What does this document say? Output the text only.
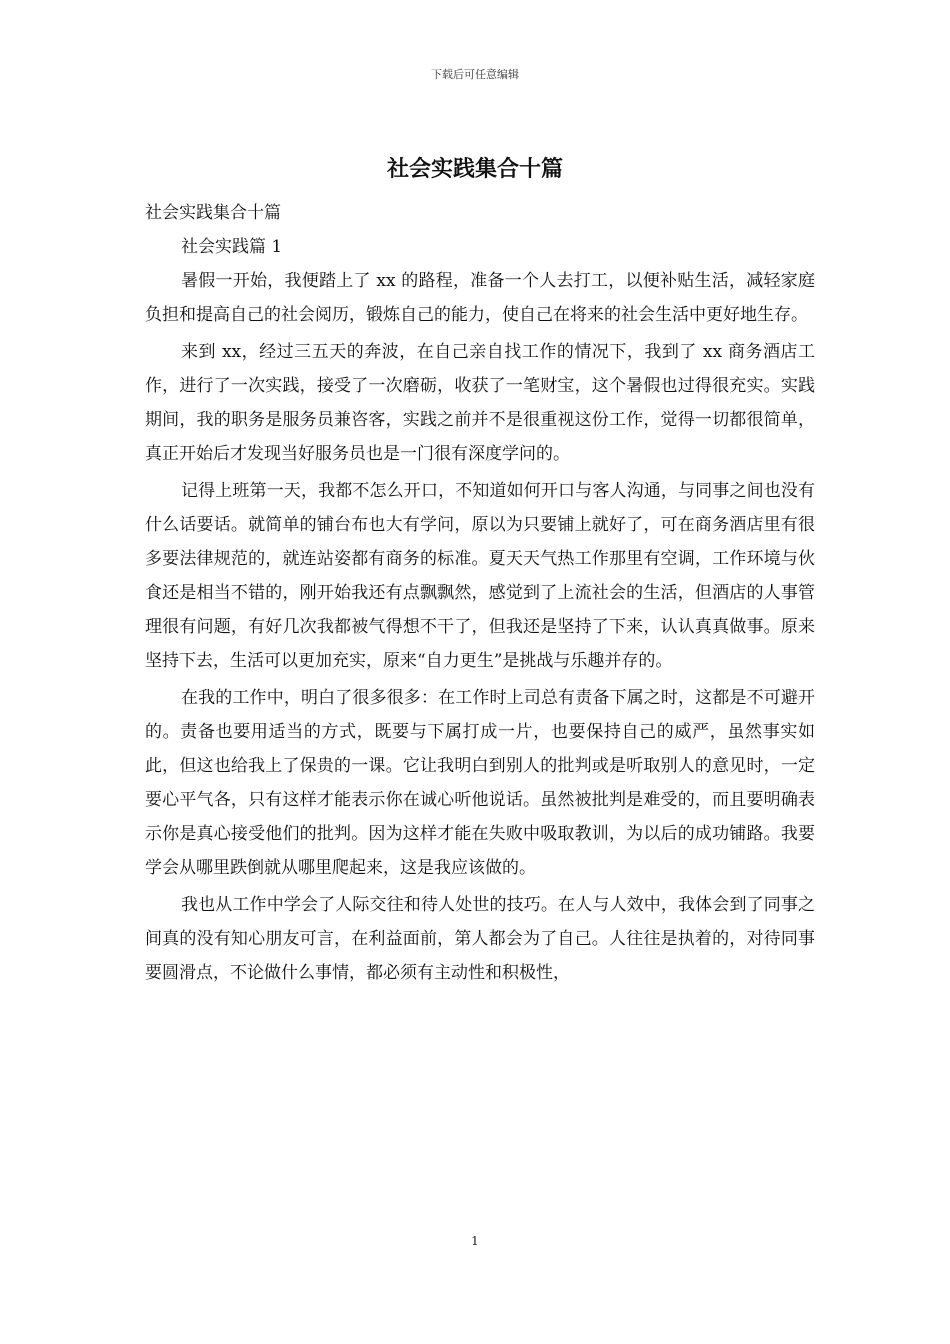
下载后可任意编辑
社会实践集合十篇

社会实践集合十篇

社会实践篇 1

暑假一开始，我便踏上了 xx 的路程，准备一个人去打工，以便补贴生活，减轻家庭负担和提高自己的社会阅历，锻炼自己的能力，使自己在将来的社会生活中更好地生存。

来到 xx，经过三五天的奔波，在自己亲自找工作的情况下，我到了 xx 商务酒店工作，进行了一次实践，接受了一次磨砺，收获了一笔财宝，这个暑假也过得很充实。实践期间，我的职务是服务员兼咨客，实践之前并不是很重视这份工作，觉得一切都很简单，真正开始后才发现当好服务员也是一门很有深度学问的。

记得上班第一天，我都不怎么开口，不知道如何开口与客人沟通，与同事之间也没有什么话要话。就简单的铺台布也大有学问，原以为只要铺上就好了，可在商务酒店里有很多要法律规范的，就连站姿都有商务的标准。夏天天气热工作那里有空调，工作环境与伙食还是相当不错的，刚开始我还有点飘飘然，感觉到了上流社会的生活，但酒店的人事管理很有问题，有好几次我都被气得想不干了，但我还是坚持了下来，认认真真做事。原来坚持下去，生活可以更加充实，原来“自力更生”是挑战与乐趣并存的。

在我的工作中，明白了很多很多：在工作时上司总有责备下属之时，这都是不可避开的。责备也要用适当的方式，既要与下属打成一片，也要保持自己的威严，虽然事实如此，但这也给我上了保贵的一课。它让我明白到别人的批判或是听取别人的意见时，一定要心平气各，只有这样才能表示你在诚心听他说话。虽然被批判是难受的，而且要明确表示你是真心接受他们的批判。因为这样才能在失败中吸取教训，为以后的成功铺路。我要学会从哪里跌倒就从哪里爬起来，这是我应该做的。

我也从工作中学会了人际交往和待人处世的技巧。在人与人效中，我体会到了同事之间真的没有知心朋友可言，在利益面前，第人都会为了自己。人往往是执着的，对待同事要圆滑点，不论做什么事情，都必须有主动性和积极性，

1
